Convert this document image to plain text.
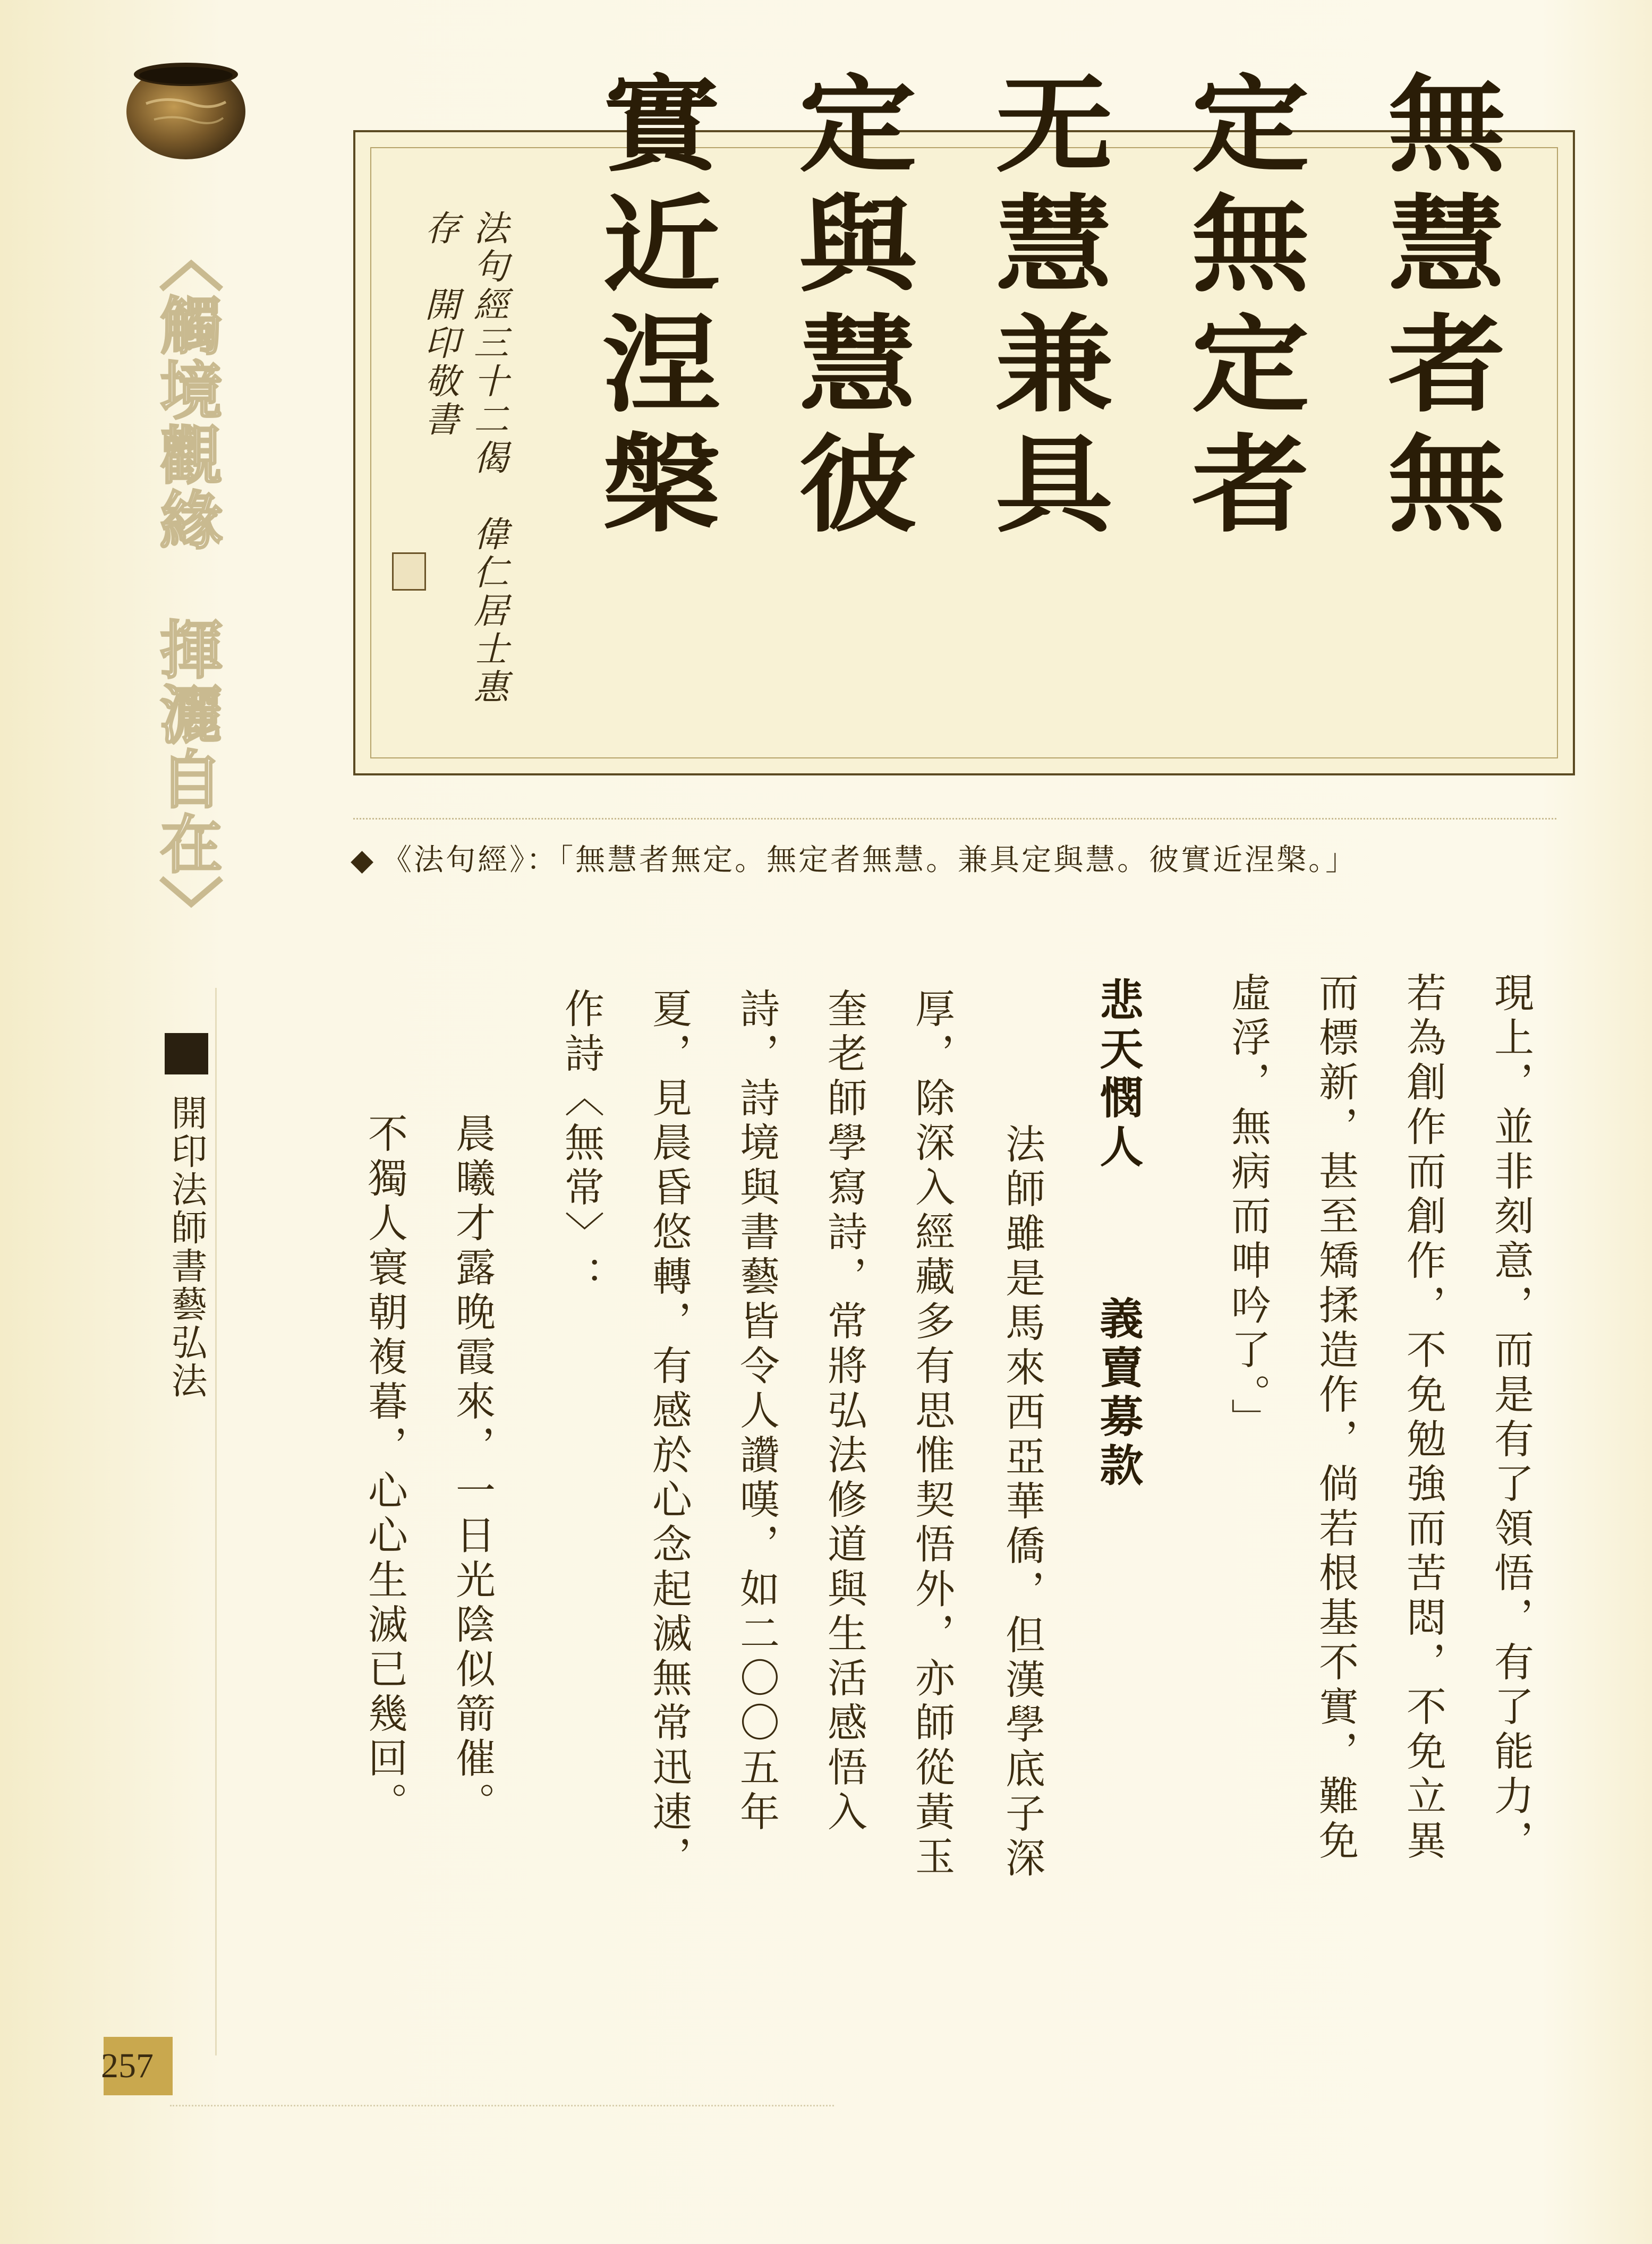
〈觸境觀緣　揮灑自在〉
開印法師書藝弘法
257
無慧者無定無定者无慧兼具定與慧彼實近涅槃
法句經三十二偈　偉仁居士惠存　開印敬書
◆ 《法句經》：「無慧者無定。無定者無慧。兼具定與慧。彼實近涅槃。」
現上，並非刻意，而是有了領悟，有了能力，
若為創作而創作，不免勉強而苦悶，不免立異
而標新，甚至矯揉造作，倘若根基不實，難免
虛浮，無病而呻吟了。」
悲天憫人
義賣募款
法師雖是馬來西亞華僑，但漢學底子深
厚，除深入經藏多有思惟契悟外，亦師從黃玉
奎老師學寫詩，常將弘法修道與生活感悟入
詩，詩境與書藝皆令人讚嘆，如二〇〇五年
夏，見晨昏悠轉，有感於心念起滅無常迅速，
作詩〈無常〉：
晨曦才露晚霞來，一日光陰似箭催。
不獨人寰朝複暮，心心生滅已幾回。
